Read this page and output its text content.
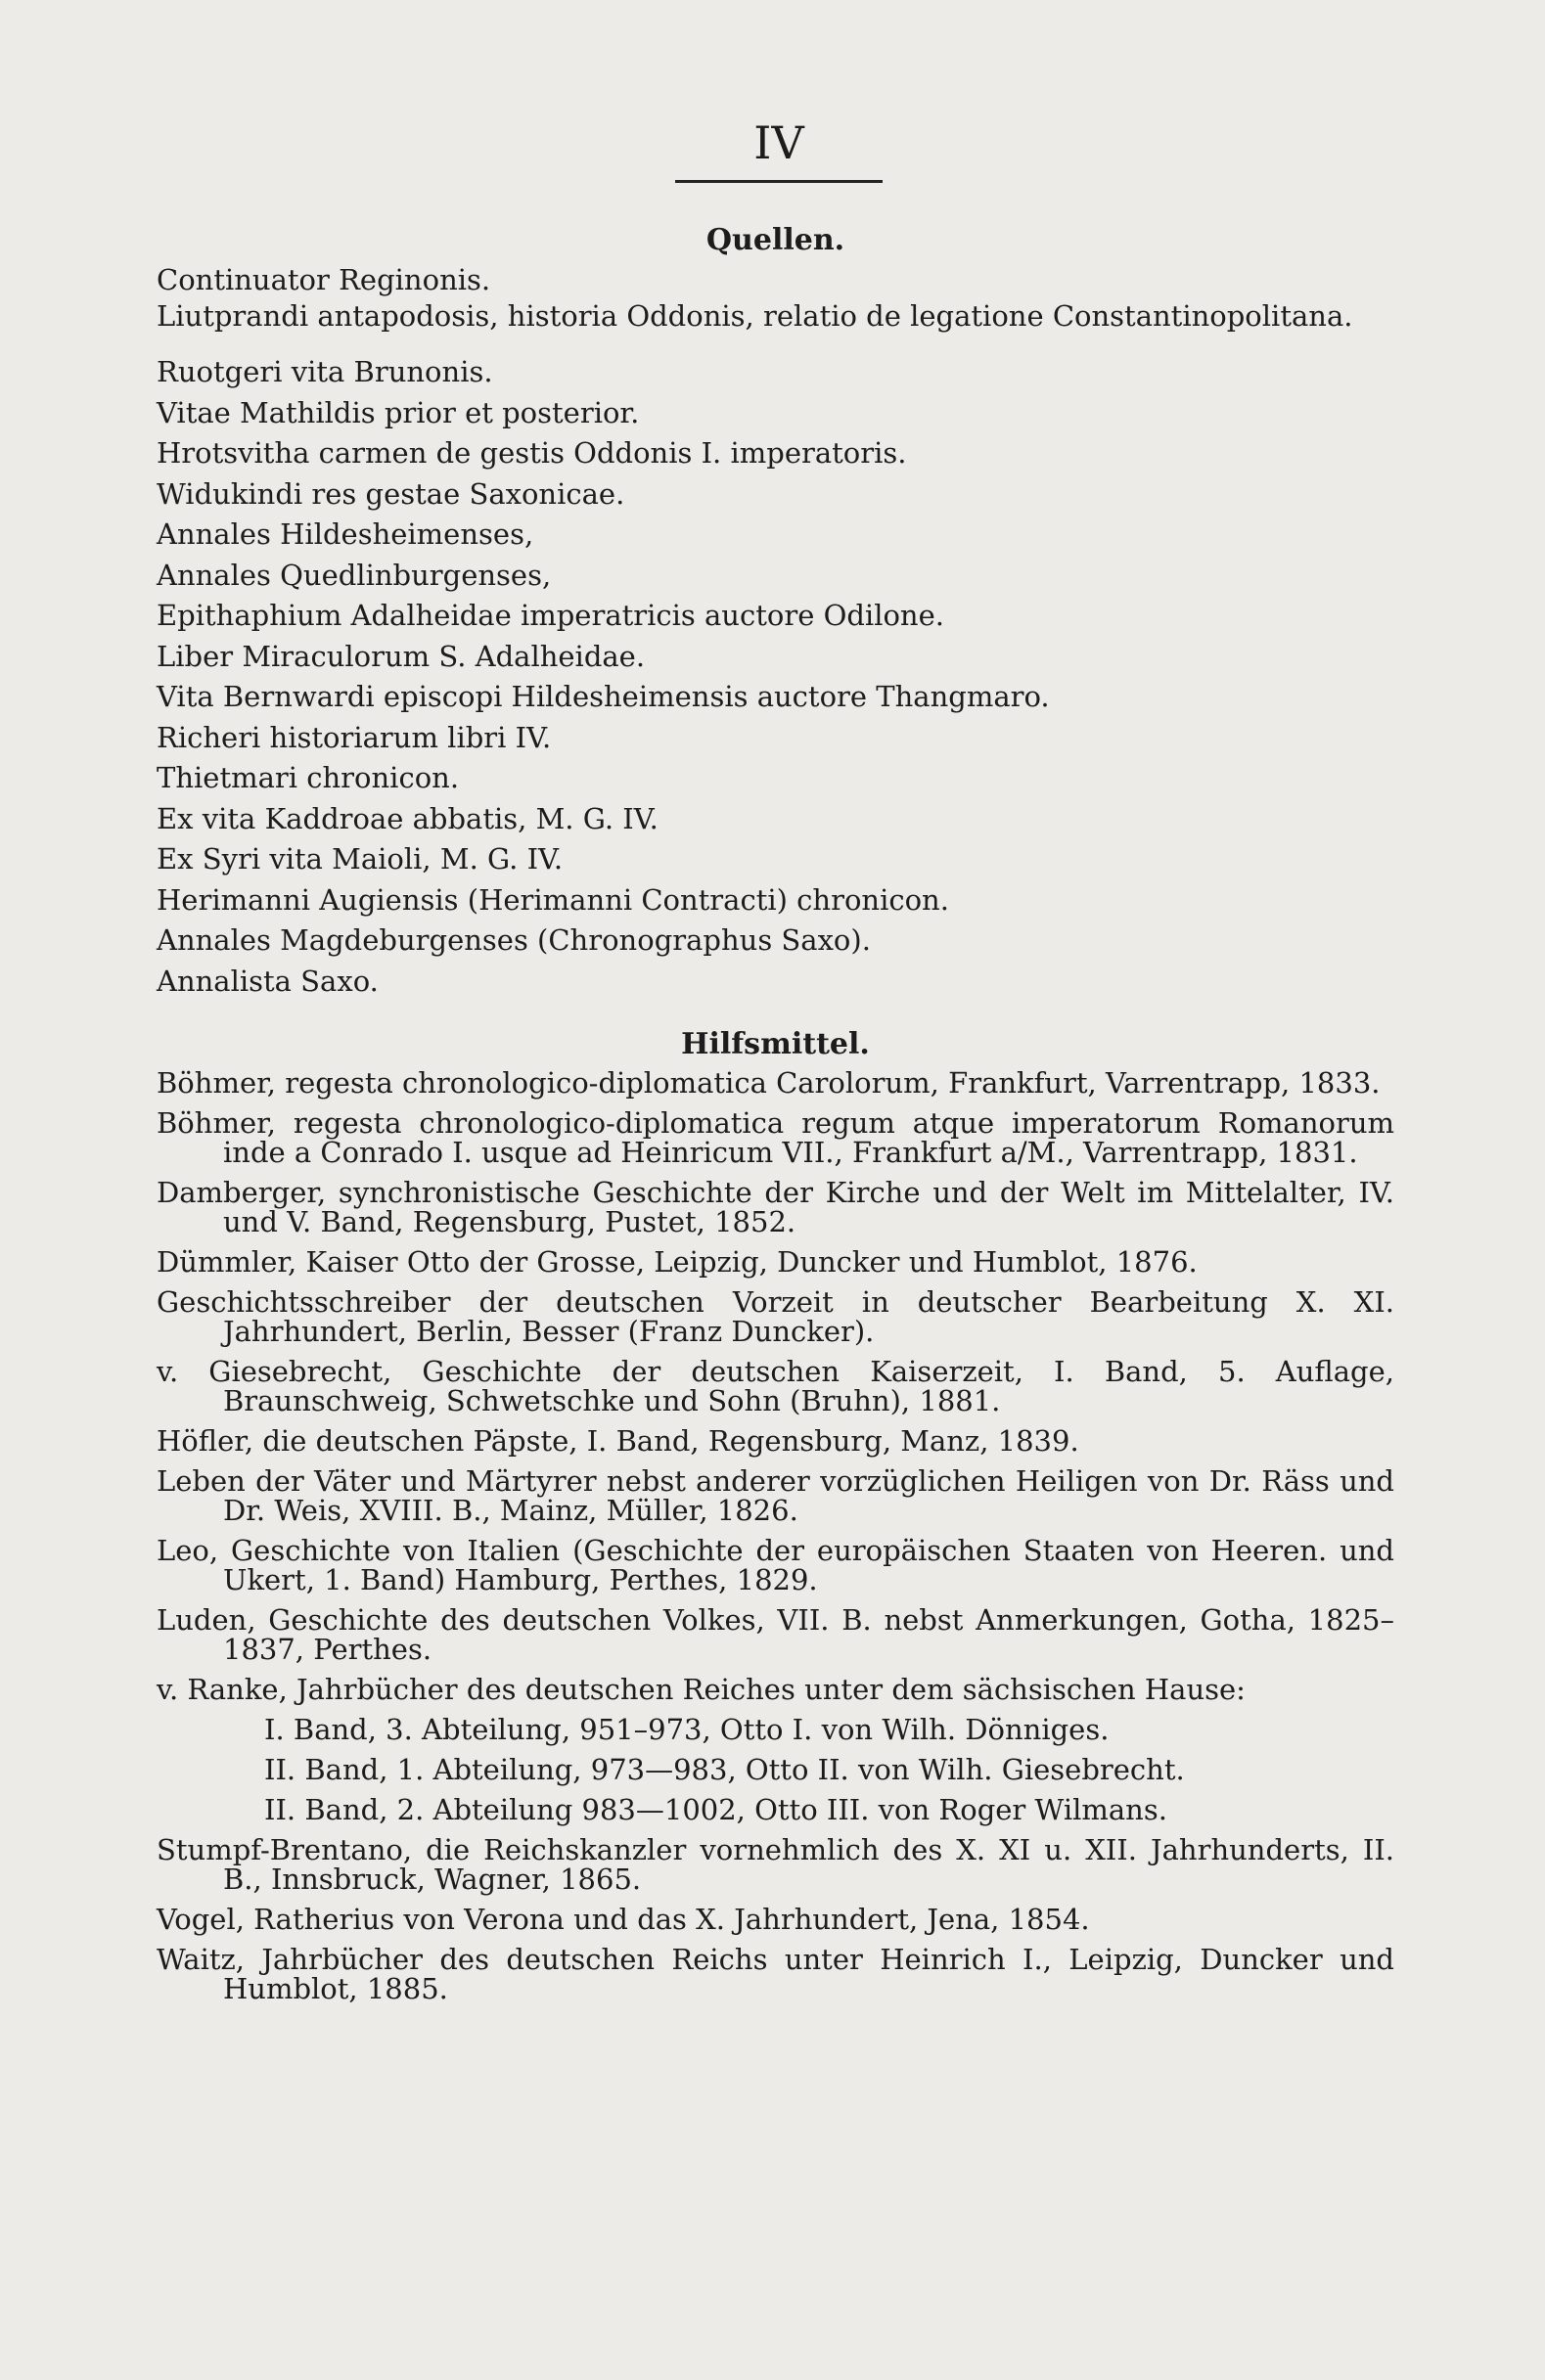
IV
Quellen.
Continuator Reginonis.
Liutprandi antapodosis, historia Oddonis, relatio de legatione Constantinopolitana.
Ruotgeri vita Brunonis.
Vitae Mathildis prior et posterior.
Hrotsvitha carmen de gestis Oddonis I. imperatoris.
Widukindi res gestae Saxonicae.
Annales Hildesheimenses,
Annales Quedlinburgenses,
Epithaphium Adalheidae imperatricis auctore Odilone.
Liber Miraculorum S. Adalheidae.
Vita Bernwardi episcopi Hildesheimensis auctore Thangmaro.
Richeri historiarum libri IV.
Thietmari chronicon.
Ex vita Kaddroae abbatis, M. G. IV.
Ex Syri vita Maioli, M. G. IV.
Herimanni Augiensis (Herimanni Contracti) chronicon.
Annales Magdeburgenses (Chronographus Saxo).
Annalista Saxo.
Hilfsmittel.
Böhmer, regesta chronologico-diplomatica Carolorum, Frankfurt, Varrentrapp, 1833.
Böhmer, regesta chronologico-diplomatica regum atque imperatorum Romanorum inde a Conrado I. usque ad Heinricum VII., Frankfurt a/M., Varrentrapp, 1831.
Damberger, synchronistische Geschichte der Kirche und der Welt im Mittelalter, IV. und V. Band, Regensburg, Pustet, 1852.
Dümmler, Kaiser Otto der Grosse, Leipzig, Duncker und Humblot, 1876.
Geschichtsschreiber der deutschen Vorzeit in deutscher Bearbeitung X. XI. Jahrhundert, Berlin, Besser (Franz Duncker).
v. Giesebrecht, Geschichte der deutschen Kaiserzeit, I. Band, 5. Auflage, Braunschweig, Schwetschke und Sohn (Bruhn), 1881.
Höfler, die deutschen Päpste, I. Band, Regensburg, Manz, 1839.
Leben der Väter und Märtyrer nebst anderer vorzüglichen Heiligen von Dr. Räss und Dr. Weis, XVIII. B., Mainz, Müller, 1826.
Leo, Geschichte von Italien (Geschichte der europäischen Staaten von Heeren. und Ukert, 1. Band) Hamburg, Perthes, 1829.
Luden, Geschichte des deutschen Volkes, VII. B. nebst Anmerkungen, Gotha, 1825–1837, Perthes.
v. Ranke, Jahrbücher des deutschen Reiches unter dem sächsischen Hause:
I. Band, 3. Abteilung, 951–973, Otto I. von Wilh. Dönniges.
II. Band, 1. Abteilung, 973—983, Otto II. von Wilh. Giesebrecht.
II. Band, 2. Abteilung 983—1002, Otto III. von Roger Wilmans.
Stumpf-Brentano, die Reichskanzler vornehmlich des X. XI u. XII. Jahrhunderts, II. B., Innsbruck, Wagner, 1865.
Vogel, Ratherius von Verona und das X. Jahrhundert, Jena, 1854.
Waitz, Jahrbücher des deutschen Reichs unter Heinrich I., Leipzig, Duncker und Humblot, 1885.
